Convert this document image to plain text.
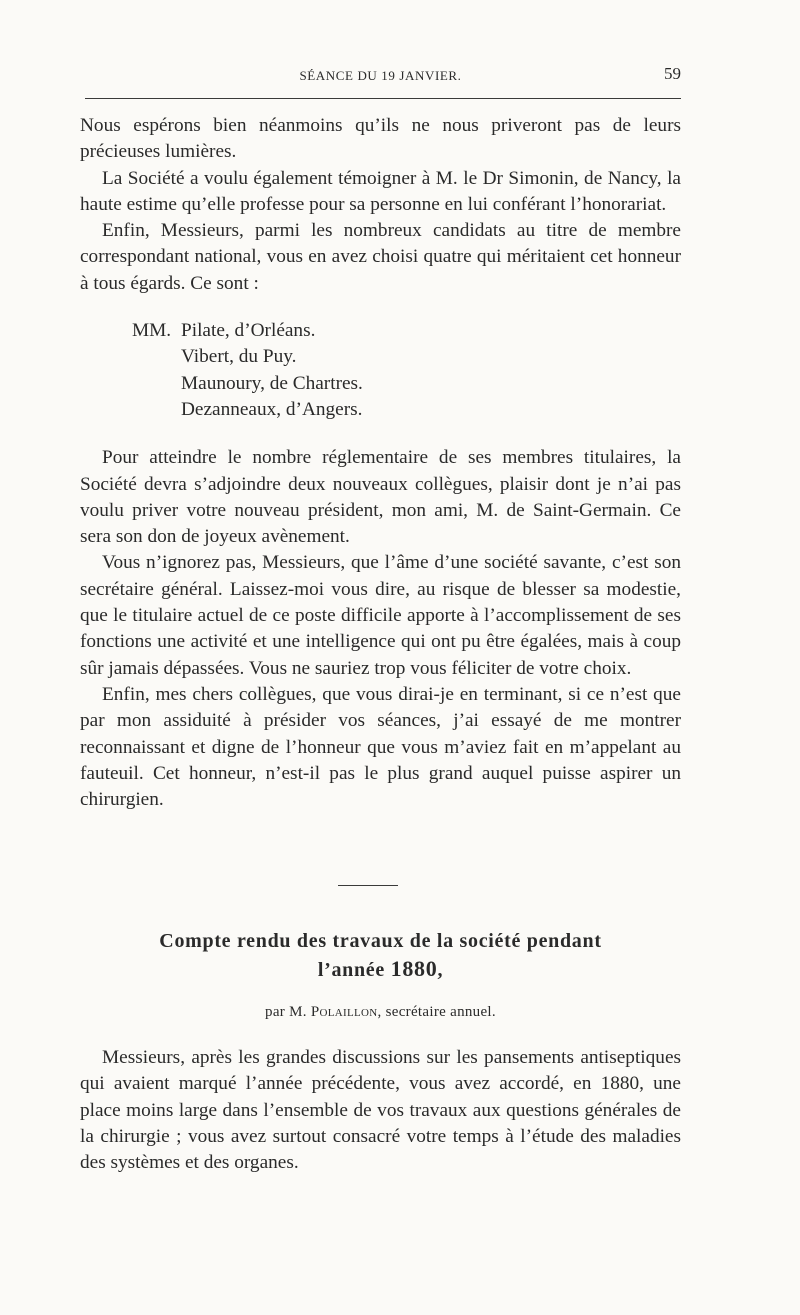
SÉANCE DU 19 JANVIER.	59

Nous espérons bien néanmoins qu’ils ne nous priveront pas de leurs précieuses lumières.

La Société a voulu également témoigner à M. le Dr Simonin, de Nancy, la haute estime qu’elle professe pour sa personne en lui conférant l’honorariat.

Enfin, Messieurs, parmi les nombreux candidats au titre de membre correspondant national, vous en avez choisi quatre qui méritaient cet honneur à tous égards. Ce sont :

MM. Pilate, d’Orléans.
Vibert, du Puy.
Maunoury, de Chartres.
Dezanneaux, d’Angers.

Pour atteindre le nombre réglementaire de ses membres titulaires, la Société devra s’adjoindre deux nouveaux collègues, plaisir dont je n’ai pas voulu priver votre nouveau président, mon ami, M. de Saint-Germain. Ce sera son don de joyeux avènement.

Vous n’ignorez pas, Messieurs, que l’âme d’une société savante, c’est son secrétaire général. Laissez-moi vous dire, au risque de blesser sa modestie, que le titulaire actuel de ce poste difficile apporte à l’accomplissement de ses fonctions une activité et une intelligence qui ont pu être égalées, mais à coup sûr jamais dépassées. Vous ne sauriez trop vous féliciter de votre choix.

Enfin, mes chers collègues, que vous dirai-je en terminant, si ce n’est que par mon assiduité à présider vos séances, j’ai essayé de me montrer reconnaissant et digne de l’honneur que vous m’aviez fait en m’appelant au fauteuil. Cet honneur, n’est-il pas le plus grand auquel puisse aspirer un chirurgien.

Compte rendu des travaux de la société pendant
l’année 1880,
par M. Polaillon, secrétaire annuel.

Messieurs, après les grandes discussions sur les pansements antiseptiques qui avaient marqué l’année précédente, vous avez accordé, en 1880, une place moins large dans l’ensemble de vos travaux aux questions générales de la chirurgie ; vous avez surtout consacré votre temps à l’étude des maladies des systèmes et des organes.
